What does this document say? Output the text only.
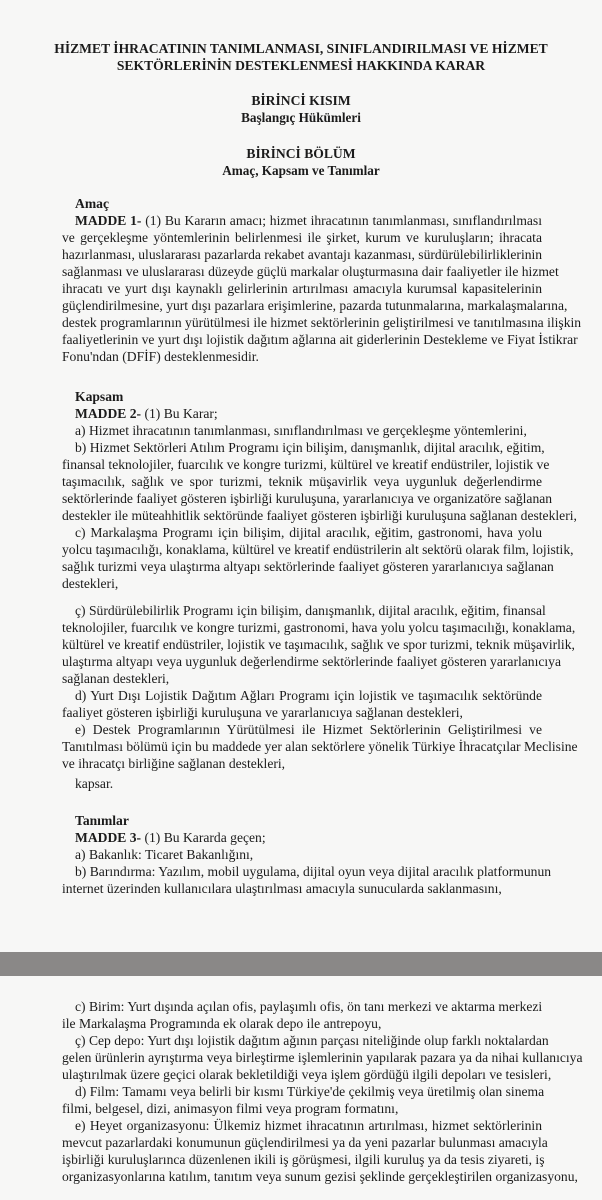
HİZMET İHRACATININ TANIMLANMASI, SINIFLANDIRILMASI VE HİZMET
SEKTÖRLERİNİN DESTEKLENMESİ HAKKINDA KARAR
BİRİNCİ KISIM
Başlangıç Hükümleri
BİRİNCİ BÖLÜM
Amaç, Kapsam ve Tanımlar
Amaç
MADDE 1- (1) Bu Kararın amacı; hizmet ihracatının tanımlanması, sınıflandırılması
ve gerçekleşme yöntemlerinin belirlenmesi ile şirket, kurum ve kuruluşların; ihracata
hazırlanması, uluslararası pazarlarda rekabet avantajı kazanması, sürdürülebilirliklerinin
sağlanması ve uluslararası düzeyde güçlü markalar oluşturmasına dair faaliyetler ile hizmet
ihracatı ve yurt dışı kaynaklı gelirlerinin artırılması amacıyla kurumsal kapasitelerinin
güçlendirilmesine, yurt dışı pazarlara erişimlerine, pazarda tutunmalarına, markalaşmalarına,
destek programlarının yürütülmesi ile hizmet sektörlerinin geliştirilmesi ve tanıtılmasına ilişkin
faaliyetlerinin ve yurt dışı lojistik dağıtım ağlarına ait giderlerinin Destekleme ve Fiyat İstikrar
Fonu'ndan (DFİF) desteklenmesidir.
Kapsam
MADDE 2- (1) Bu Karar;
a) Hizmet ihracatının tanımlanması, sınıflandırılması ve gerçekleşme yöntemlerini,
b) Hizmet Sektörleri Atılım Programı için bilişim, danışmanlık, dijital aracılık, eğitim,
finansal teknolojiler, fuarcılık ve kongre turizmi, kültürel ve kreatif endüstriler, lojistik ve
taşımacılık, sağlık ve spor turizmi, teknik müşavirlik veya uygunluk değerlendirme
sektörlerinde faaliyet gösteren işbirliği kuruluşuna, yararlanıcıya ve organizatöre sağlanan
destekler ile müteahhitlik sektöründe faaliyet gösteren işbirliği kuruluşuna sağlanan destekleri,
c) Markalaşma Programı için bilişim, dijital aracılık, eğitim, gastronomi, hava yolu
yolcu taşımacılığı, konaklama, kültürel ve kreatif endüstrilerin alt sektörü olarak film, lojistik,
sağlık turizmi veya ulaştırma altyapı sektörlerinde faaliyet gösteren yararlanıcıya sağlanan
destekleri,
ç) Sürdürülebilirlik Programı için bilişim, danışmanlık, dijital aracılık, eğitim, finansal
teknolojiler, fuarcılık ve kongre turizmi, gastronomi, hava yolu yolcu taşımacılığı, konaklama,
kültürel ve kreatif endüstriler, lojistik ve taşımacılık, sağlık ve spor turizmi, teknik müşavirlik,
ulaştırma altyapı veya uygunluk değerlendirme sektörlerinde faaliyet gösteren yararlanıcıya
sağlanan destekleri,
d) Yurt Dışı Lojistik Dağıtım Ağları Programı için lojistik ve taşımacılık sektöründe
faaliyet gösteren işbirliği kuruluşuna ve yararlanıcıya sağlanan destekleri,
e) Destek Programlarının Yürütülmesi ile Hizmet Sektörlerinin Geliştirilmesi ve
Tanıtılması bölümü için bu maddede yer alan sektörlere yönelik Türkiye İhracatçılar Meclisine
ve ihracatçı birliğine sağlanan destekleri,
kapsar.
Tanımlar
MADDE 3- (1) Bu Kararda geçen;
a) Bakanlık: Ticaret Bakanlığını,
b) Barındırma: Yazılım, mobil uygulama, dijital oyun veya dijital aracılık platformunun
internet üzerinden kullanıcılara ulaştırılması amacıyla sunucularda saklanmasını,
c) Birim: Yurt dışında açılan ofis, paylaşımlı ofis, ön tanı merkezi ve aktarma merkezi
ile Markalaşma Programında ek olarak depo ile antrepoyu,
ç) Cep depo: Yurt dışı lojistik dağıtım ağının parçası niteliğinde olup farklı noktalardan
gelen ürünlerin ayrıştırma veya birleştirme işlemlerinin yapılarak pazara ya da nihai kullanıcıya
ulaştırılmak üzere geçici olarak bekletildiği veya işlem gördüğü ilgili depoları ve tesisleri,
d) Film: Tamamı veya belirli bir kısmı Türkiye'de çekilmiş veya üretilmiş olan sinema
filmi, belgesel, dizi, animasyon filmi veya program formatını,
e) Heyet organizasyonu: Ülkemiz hizmet ihracatının artırılması, hizmet sektörlerinin
mevcut pazarlardaki konumunun güçlendirilmesi ya da yeni pazarlar bulunması amacıyla
işbirliği kuruluşlarınca düzenlenen ikili iş görüşmesi, ilgili kuruluş ya da tesis ziyareti, iş
organizasyonlarına katılım, tanıtım veya sunum gezisi şeklinde gerçekleştirilen organizasyonu,
